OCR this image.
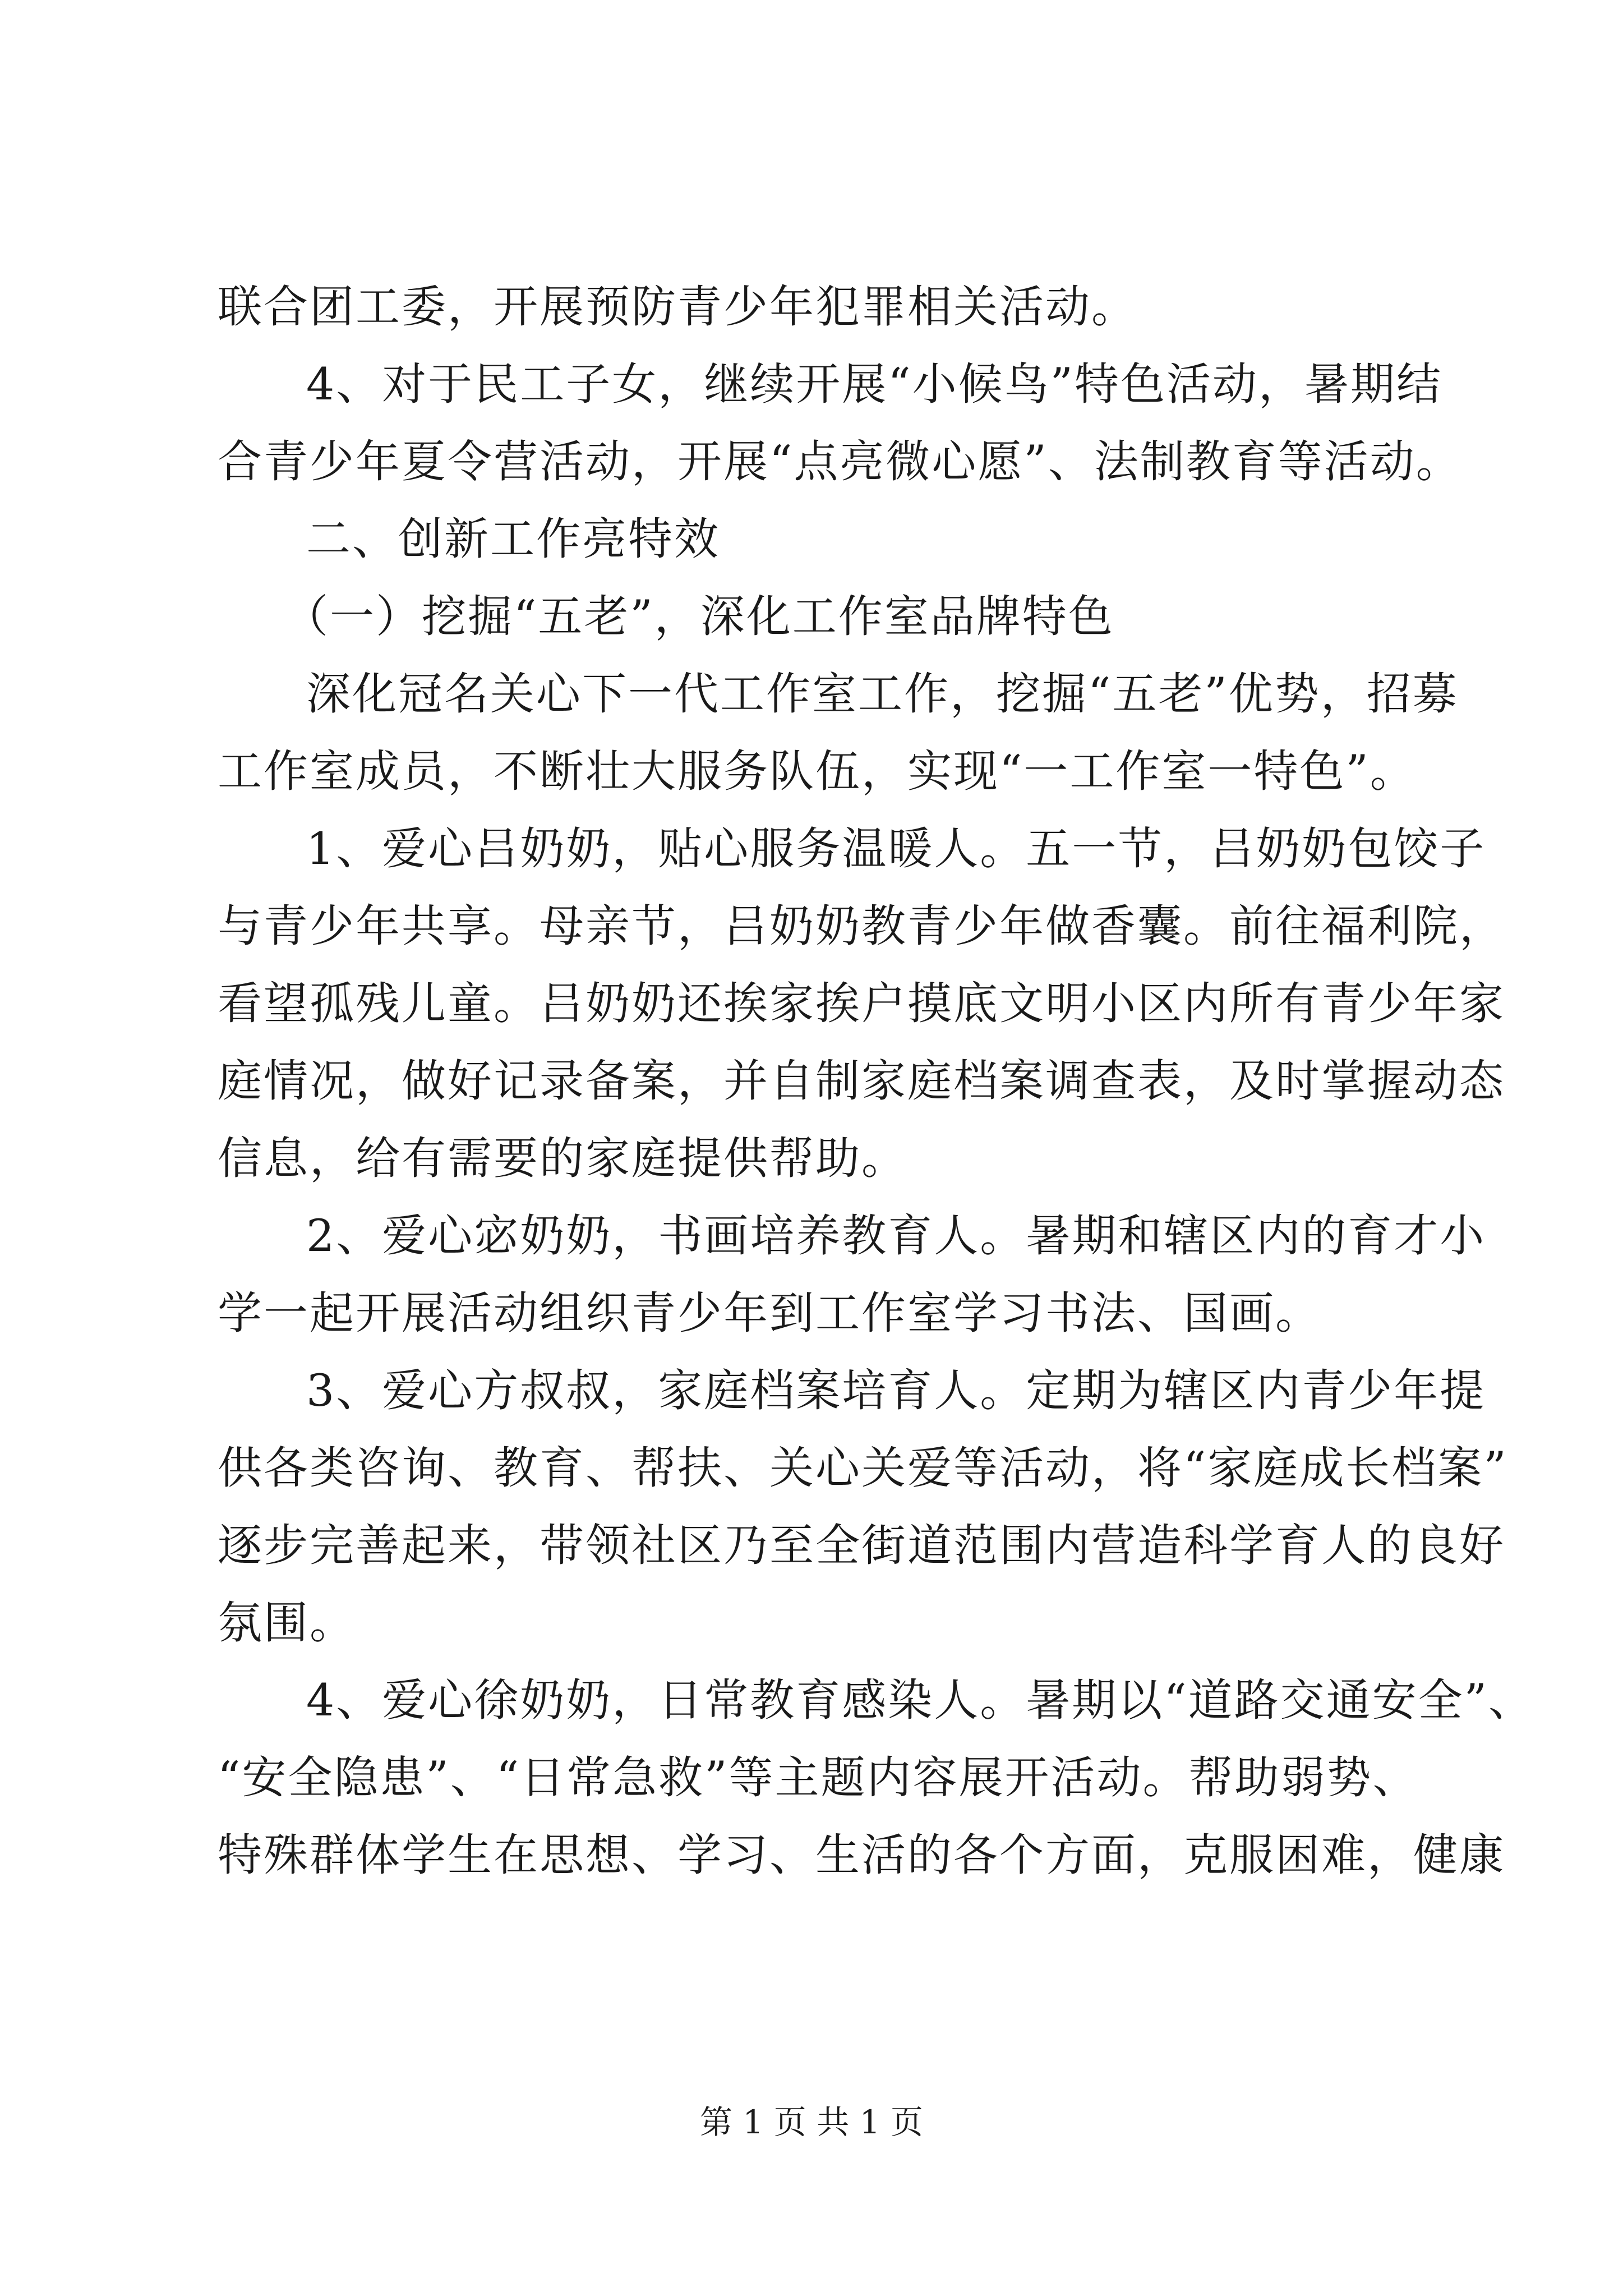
联合团工委，开展预防青少年犯罪相关活动。
4、对于民工子女，继续开展“小候鸟”特色活动，暑期结
合青少年夏令营活动，开展“点亮微心愿”、法制教育等活动。
二、创新工作亮特效
（一）挖掘“五老”，深化工作室品牌特色
深化冠名关心下一代工作室工作，挖掘“五老”优势，招募
工作室成员，不断壮大服务队伍，实现“一工作室一特色”。
1、爱心吕奶奶，贴心服务温暖人。五一节，吕奶奶包饺子
与青少年共享。母亲节，吕奶奶教青少年做香囊。前往福利院，
看望孤残儿童。吕奶奶还挨家挨户摸底文明小区内所有青少年家
庭情况，做好记录备案，并自制家庭档案调查表，及时掌握动态
信息，给有需要的家庭提供帮助。
2、爱心宓奶奶，书画培养教育人。暑期和辖区内的育才小
学一起开展活动组织青少年到工作室学习书法、国画。
3、爱心方叔叔，家庭档案培育人。定期为辖区内青少年提
供各类咨询、教育、帮扶、关心关爱等活动，将“家庭成长档案”
逐步完善起来，带领社区乃至全街道范围内营造科学育人的良好
氛围。
4、爱心徐奶奶，日常教育感染人。暑期以“道路交通安全”、
“安全隐患”、“日常急救”等主题内容展开活动。帮助弱势、
特殊群体学生在思想、学习、生活的各个方面，克服困难，健康
第 1 页 共 1 页
